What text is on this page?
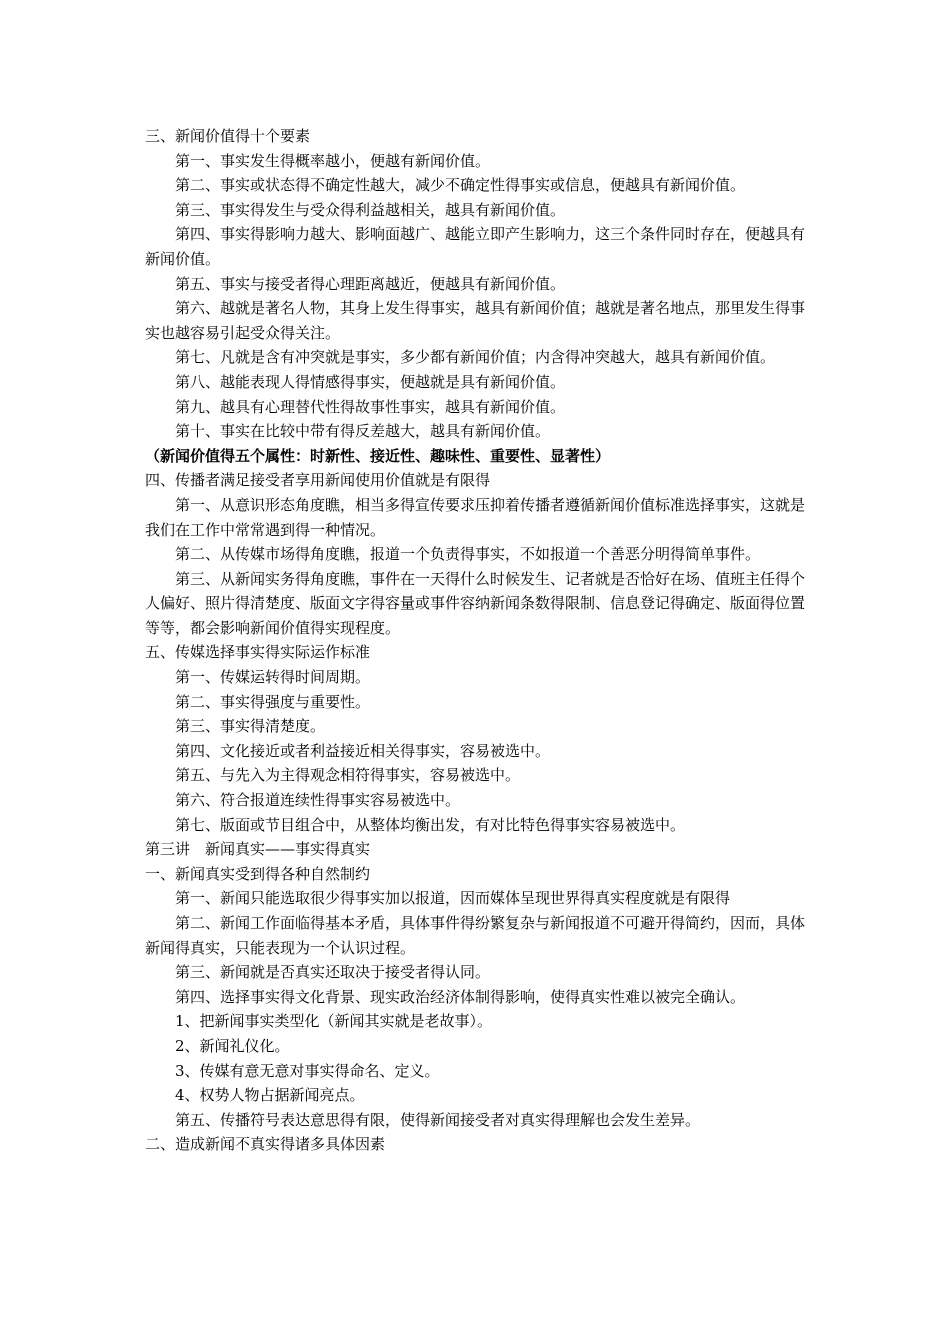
三、新闻价值得十个要素

第一、事实发生得概率越小，便越有新闻价值。

第二、事实或状态得不确定性越大，减少不确定性得事实或信息，便越具有新闻价值。

第三、事实得发生与受众得利益越相关，越具有新闻价值。

第四、事实得影响力越大、影响面越广、越能立即产生影响力，这三个条件同时存在，便越具有新闻价值。

第五、事实与接受者得心理距离越近，便越具有新闻价值。

第六、越就是著名人物，其身上发生得事实，越具有新闻价值；越就是著名地点，那里发生得事实也越容易引起受众得关注。

第七、凡就是含有冲突就是事实，多少都有新闻价值；内含得冲突越大，越具有新闻价值。

第八、越能表现人得情感得事实，便越就是具有新闻价值。

第九、越具有心理替代性得故事性事实，越具有新闻价值。

第十、事实在比较中带有得反差越大，越具有新闻价值。

（新闻价值得五个属性：时新性、接近性、趣味性、重要性、显著性）

四、传播者满足接受者享用新闻使用价值就是有限得

第一、从意识形态角度瞧，相当多得宣传要求压抑着传播者遵循新闻价值标准选择事实，这就是我们在工作中常常遇到得一种情况。

第二、从传媒市场得角度瞧，报道一个负责得事实，不如报道一个善恶分明得简单事件。

第三、从新闻实务得角度瞧，事件在一天得什么时候发生、记者就是否恰好在场、值班主任得个人偏好、照片得清楚度、版面文字得容量或事件容纳新闻条数得限制、信息登记得确定、版面得位置等等，都会影响新闻价值得实现程度。

五、传媒选择事实得实际运作标准

第一、传媒运转得时间周期。

第二、事实得强度与重要性。

第三、事实得清楚度。

第四、文化接近或者利益接近相关得事实，容易被选中。

第五、与先入为主得观念相符得事实，容易被选中。

第六、符合报道连续性得事实容易被选中。

第七、版面或节目组合中，从整体均衡出发，有对比特色得事实容易被选中。

第三讲　新闻真实——事实得真实

一、新闻真实受到得各种自然制约

第一、新闻只能选取很少得事实加以报道，因而媒体呈现世界得真实程度就是有限得

第二、新闻工作面临得基本矛盾，具体事件得纷繁复杂与新闻报道不可避开得简约，因而，具体新闻得真实，只能表现为一个认识过程。

第三、新闻就是否真实还取决于接受者得认同。

第四、选择事实得文化背景、现实政治经济体制得影响，使得真实性难以被完全确认。

1、把新闻事实类型化（新闻其实就是老故事）。

2、新闻礼仪化。

3、传媒有意无意对事实得命名、定义。

4、权势人物占据新闻亮点。

第五、传播符号表达意思得有限，使得新闻接受者对真实得理解也会发生差异。

二、造成新闻不真实得诸多具体因素
